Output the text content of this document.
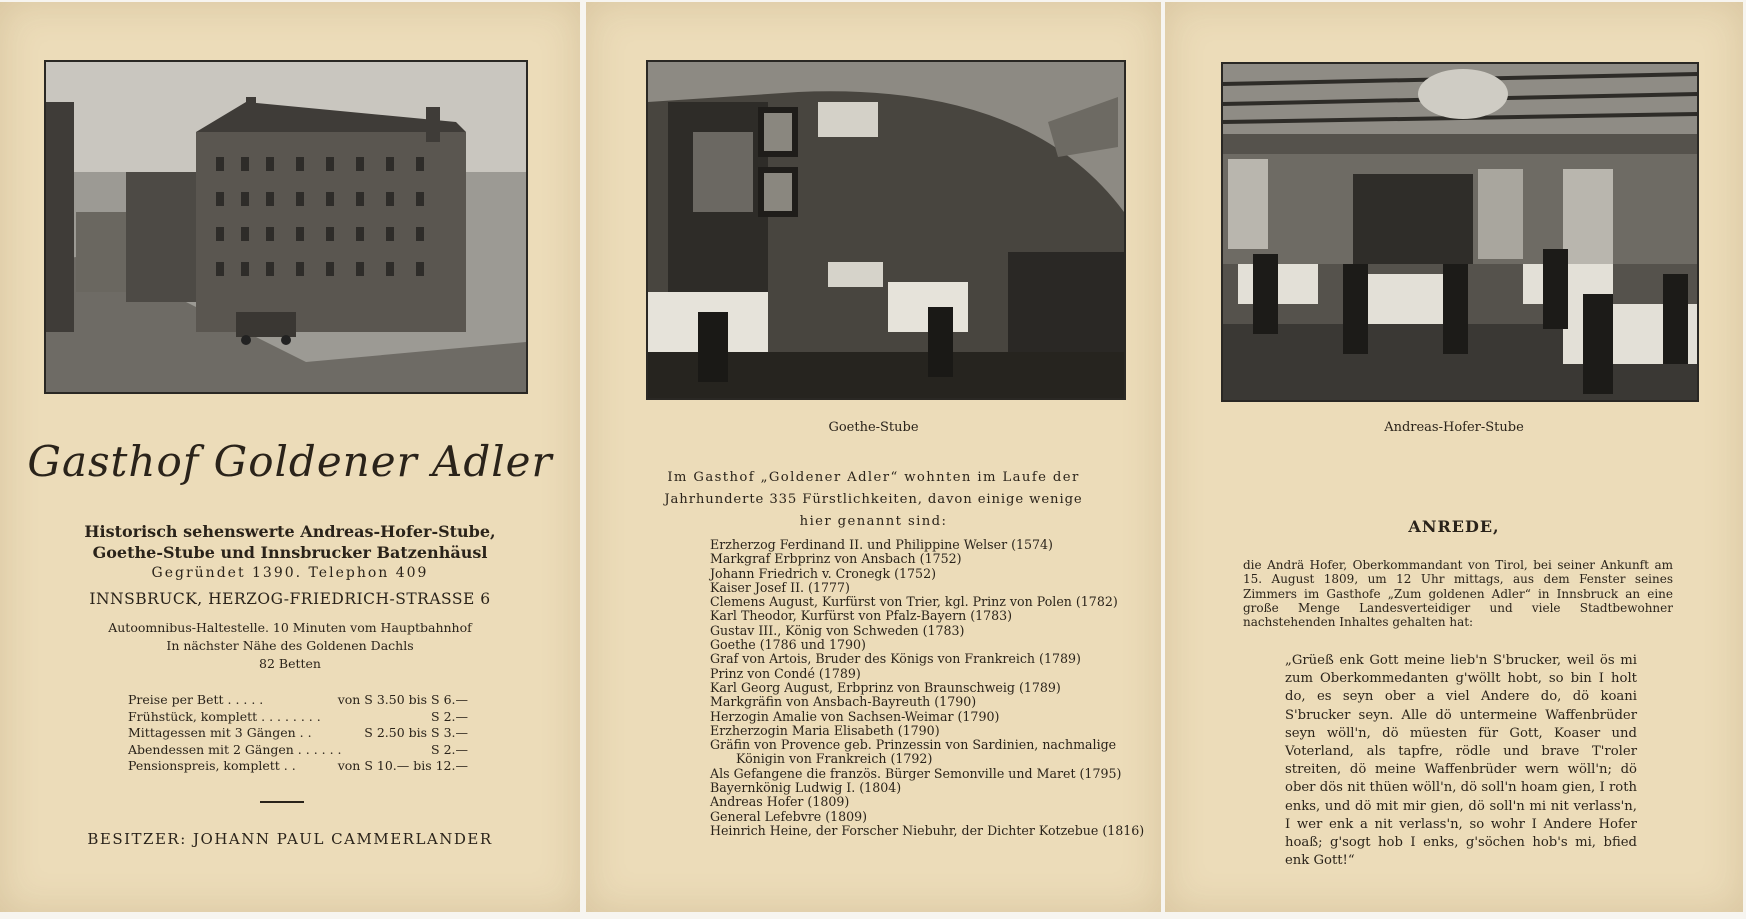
Gasthof Goldener Adler
Historisch sehenswerte Andreas-Hofer-Stube,
Goethe-Stube und Innsbrucker Batzenhäusl
Gegründet 1390. Telephon 409
INNSBRUCK, HERZOG-FRIEDRICH-STRASSE 6
Autoomnibus-Haltestelle. 10 Minuten vom Hauptbahnhof
In nächster Nähe des Goldenen Dachls
82 Betten
Preise per Bett . . . . .	von S 3.50 bis S 6.—
Frühstück, komplett . . . . . . . .	S 2.—
Mittagessen mit 3 Gängen . .	S 2.50 bis S 3.—
Abendessen mit 2 Gängen . . . . . .	S 2.—
Pensionspreis, komplett . .	von S 10.— bis 12.—
BESITZER: JOHANN PAUL CAMMERLANDER
Goethe-Stube
Im Gasthof „Goldener Adler“ wohnten im Laufe der
Jahrhunderte 335 Fürstlichkeiten, davon einige wenige
hier genannt sind:
Erzherzog Ferdinand II. und Philippine Welser (1574)
Markgraf Erbprinz von Ansbach (1752)
Johann Friedrich v. Cronegk (1752)
Kaiser Josef II. (1777)
Clemens August, Kurfürst von Trier, kgl. Prinz von Polen (1782)
Karl Theodor, Kurfürst von Pfalz-Bayern (1783)
Gustav III., König von Schweden (1783)
Goethe (1786 und 1790)
Graf von Artois, Bruder des Königs von Frankreich (1789)
Prinz von Condé (1789)
Karl Georg August, Erbprinz von Braunschweig (1789)
Markgräfin von Ansbach-Bayreuth (1790)
Herzogin Amalie von Sachsen-Weimar (1790)
Erzherzogin Maria Elisabeth (1790)
Gräfin von Provence geb. Prinzessin von Sardinien, nachmalige
Königin von Frankreich (1792)
Als Gefangene die französ. Bürger Semonville und Maret (1795)
Bayernkönig Ludwig I. (1804)
Andreas Hofer (1809)
General Lefebvre (1809)
Heinrich Heine, der Forscher Niebuhr, der Dichter Kotzebue (1816)
Andreas-Hofer-Stube
ANREDE,
die Andrä Hofer, Oberkommandant von Tirol, bei seiner Ankunft am 15. August 1809, um 12 Uhr mittags, aus dem Fenster seines Zimmers im Gasthofe „Zum goldenen Adler“ in Innsbruck an eine große Menge Landesverteidiger und viele Stadtbewohner nachstehenden Inhaltes gehalten hat:
„Grüeß enk Gott meine lieb'n S'brucker, weil ös mi zum Oberkommedanten g'wöllt hobt, so bin I holt do, es seyn ober a viel Andere do, dö koani S'brucker seyn. Alle dö untermeine Waffenbrüder seyn wöll'n, dö müesten für Gott, Koaser und Voterland, als tapfre, rödle und brave T'roler streiten, dö meine Waffenbrüder wern wöll'n; dö ober dös nit thüen wöll'n, dö soll'n hoam gien, I roth enks, und dö mit mir gien, dö soll'n mi nit verlass'n, I wer enk a nit verlass'n, so wohr I Andere Hofer hoaß; g'sogt hob I enks, g'söchen hob's mi, bfied enk Gott!“
